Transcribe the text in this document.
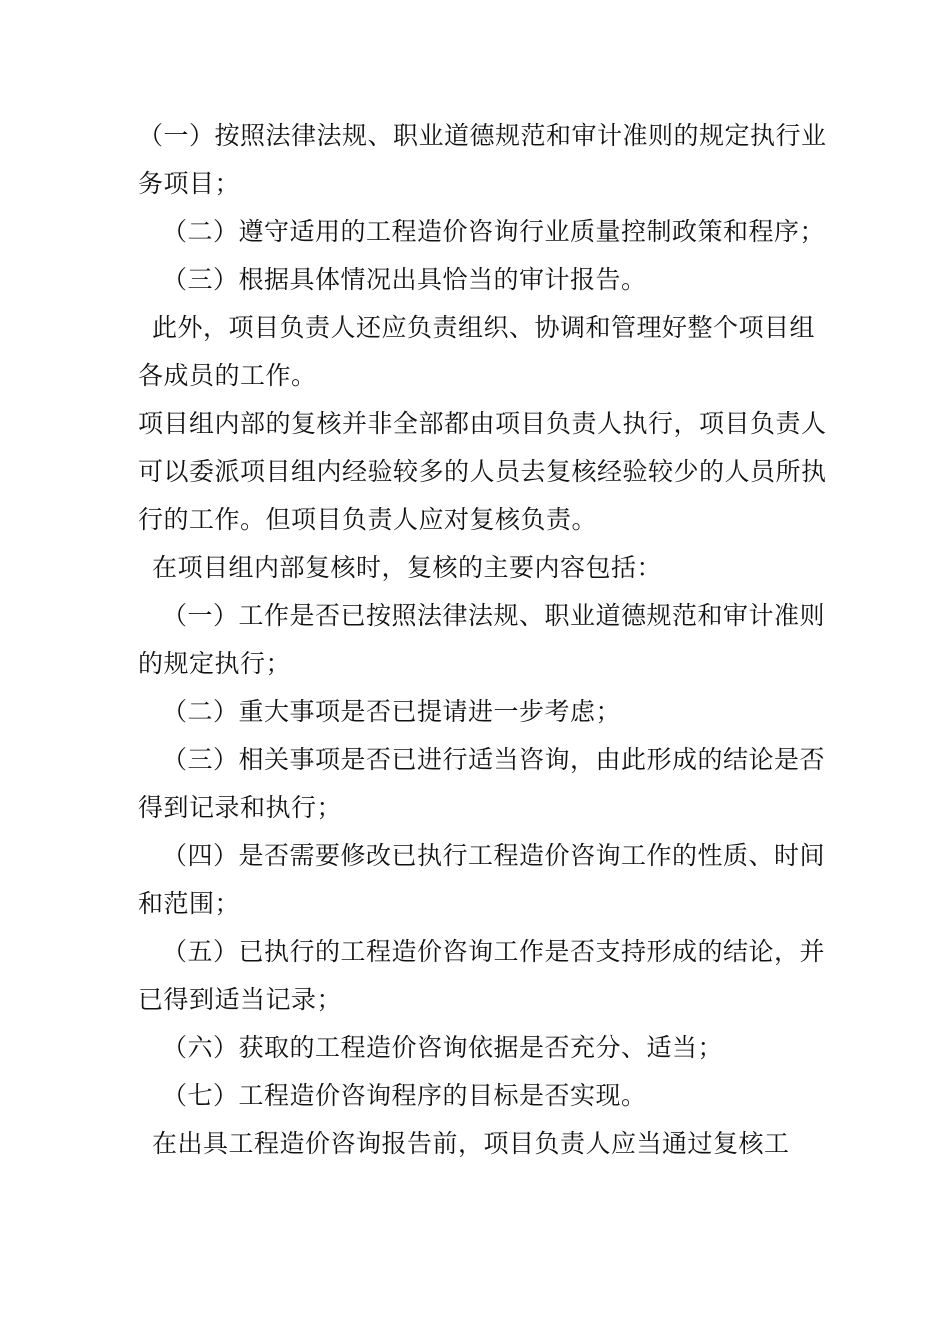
（一）按照法律法规、职业道德规范和审计准则的规定执行业务项目；

（二）遵守适用的工程造价咨询行业质量控制政策和程序；

（三）根据具体情况出具恰当的审计报告。

此外，项目负责人还应负责组织、协调和管理好整个项目组各成员的工作。

项目组内部的复核并非全部都由项目负责人执行，项目负责人可以委派项目组内经验较多的人员去复核经验较少的人员所执行的工作。但项目负责人应对复核负责。

在项目组内部复核时，复核的主要内容包括：

（一）工作是否已按照法律法规、职业道德规范和审计准则的规定执行；

（二）重大事项是否已提请进一步考虑；

（三）相关事项是否已进行适当咨询，由此形成的结论是否得到记录和执行；

（四）是否需要修改已执行工程造价咨询工作的性质、时间和范围；

（五）已执行的工程造价咨询工作是否支持形成的结论，并已得到适当记录；

（六）获取的工程造价咨询依据是否充分、适当；

（七）工程造价咨询程序的目标是否实现。

在出具工程造价咨询报告前，项目负责人应当通过复核工
